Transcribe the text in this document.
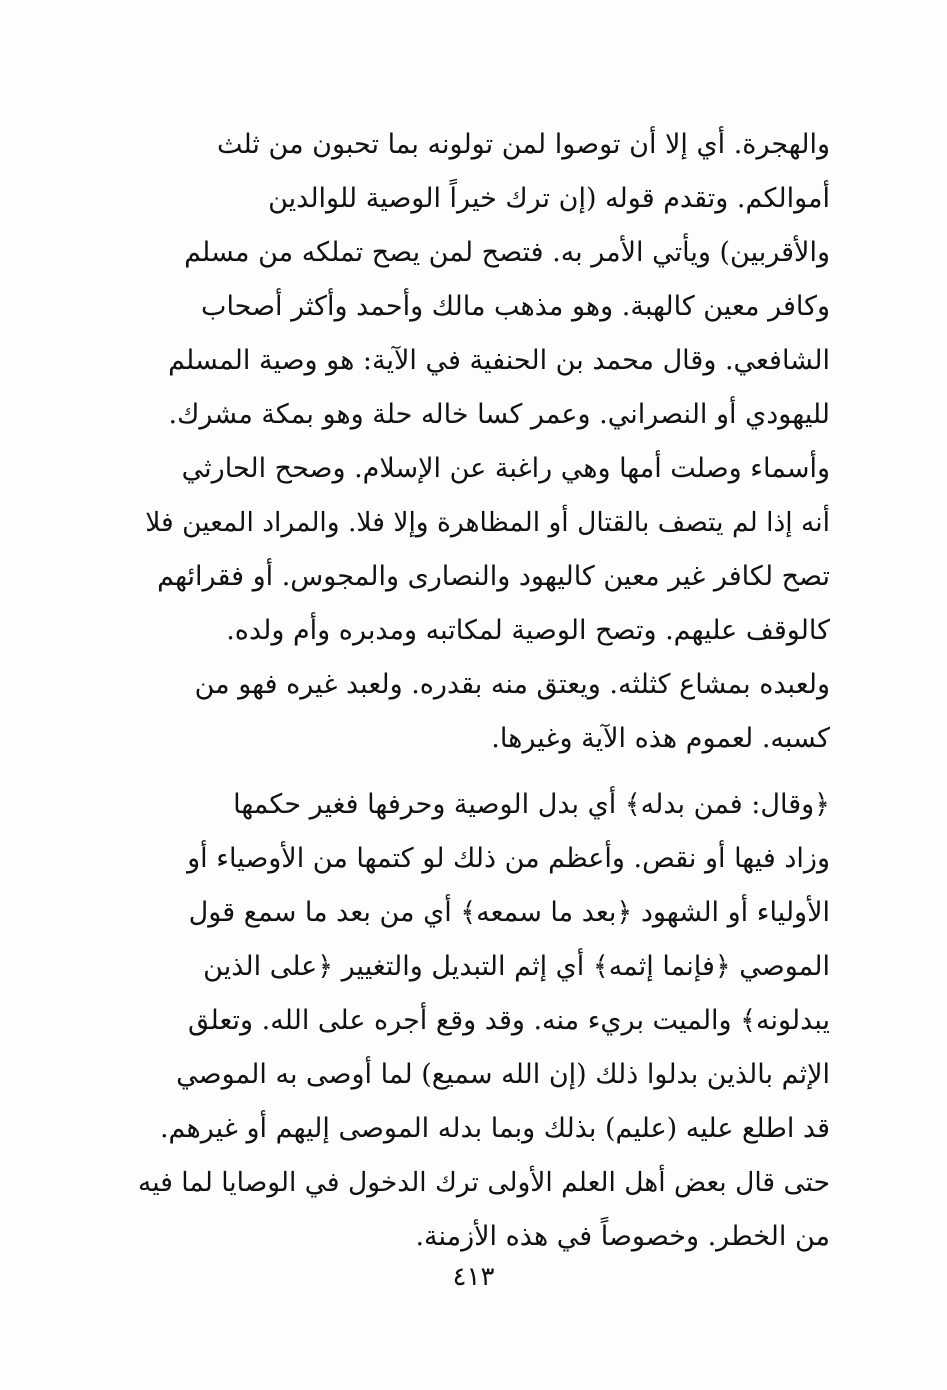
والهجرة. أي إلا أن توصوا لمن تولونه بما تحبون من ثلث
أموالكم. وتقدم قوله (إن ترك خيراً الوصية للوالدين
والأقربين) ويأتي الأمر به. فتصح لمن يصح تملكه من مسلم
وكافر معين كالهبة. وهو مذهب مالك وأحمد وأكثر أصحاب
الشافعي. وقال محمد بن الحنفية في الآية: هو وصية المسلم
لليهودي أو النصراني. وعمر كسا خاله حلة وهو بمكة مشرك.
وأسماء وصلت أمها وهي راغبة عن الإسلام. وصحح الحارثي
أنه إذا لم يتصف بالقتال أو المظاهرة وإلا فلا. والمراد المعين فلا
تصح لكافر غير معين كاليهود والنصارى والمجوس. أو فقرائهم
كالوقف عليهم. وتصح الوصية لمكاتبه ومدبره وأم ولده.
ولعبده بمشاع كثلثه. ويعتق منه بقدره. ولعبد غيره فهو من
كسبه. لعموم هذه الآية وغيرها.
﴿وقال: فمن بدله﴾ أي بدل الوصية وحرفها فغير حكمها
وزاد فيها أو نقص. وأعظم من ذلك لو كتمها من الأوصياء أو
الأولياء أو الشهود ﴿بعد ما سمعه﴾ أي من بعد ما سمع قول
الموصي ﴿فإنما إثمه﴾ أي إثم التبديل والتغيير ﴿على الذين
يبدلونه﴾ والميت بريء منه. وقد وقع أجره على الله. وتعلق
الإثم بالذين بدلوا ذلك (إن الله سميع) لما أوصى به الموصي
قد اطلع عليه (عليم) بذلك وبما بدله الموصى إليهم أو غيرهم.
حتى قال بعض أهل العلم الأولى ترك الدخول في الوصايا لما فيه
من الخطر. وخصوصاً في هذه الأزمنة.
٤١٣
